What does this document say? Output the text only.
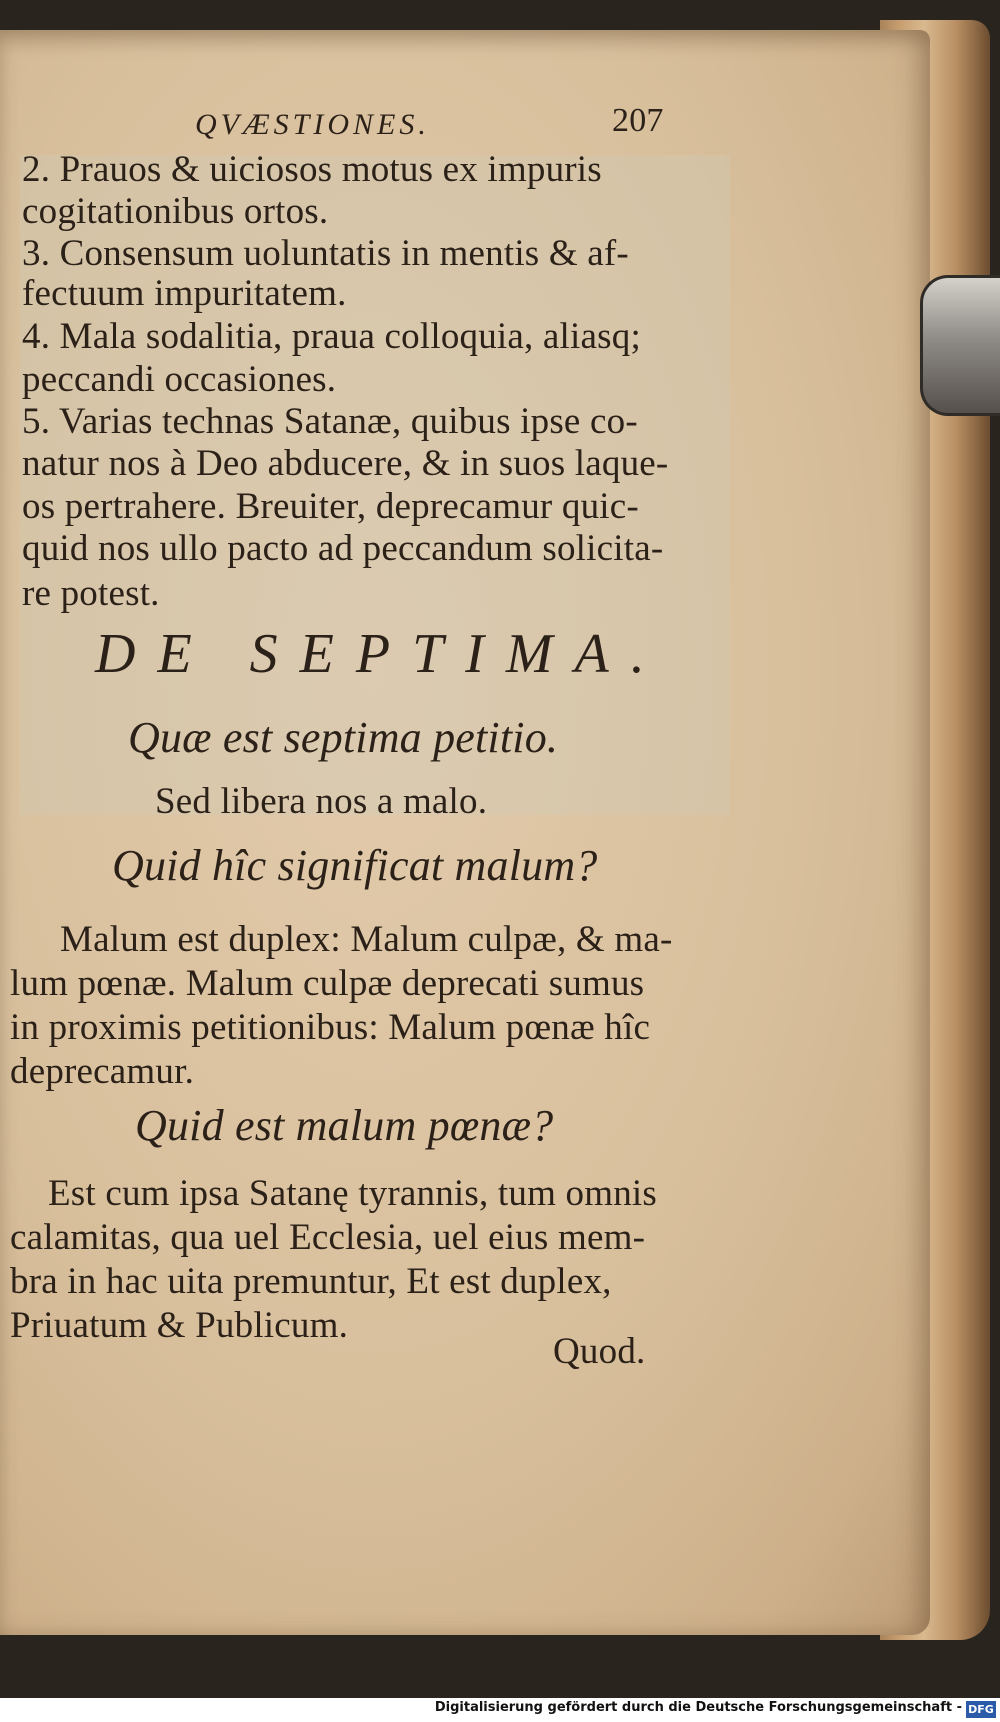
QVÆSTIONES.	207
2. Prauos & uiciosos motus ex impuris
cogitationibus ortos.
3. Consensum uoluntatis in mentis & af-
fectuum impuritatem.
4. Mala sodalitia, praua colloquia, aliasq;
peccandi occasiones.
5. Varias technas Satanæ, quibus ipse co-
natur nos à Deo abducere, & in suos laque-
os pertrahere. Breuiter, deprecamur quic-
quid nos ullo pacto ad peccandum solicita-
re potest.
DE SEPTIMA.
Quæ est septima petitio.
Sed libera nos a malo.
Quid hîc significat malum?
Malum est duplex: Malum culpæ, & ma-
lum pœnæ. Malum culpæ deprecati sumus
in proximis petitionibus: Malum pœnæ hîc
deprecamur.
Quid est malum pœnæ?
Est cum ipsa Satanę tyrannis, tum omnis
calamitas, qua uel Ecclesia, uel eius mem-
bra in hac uita premuntur, Et est duplex,
Priuatum & Publicum.
Quod.
Digitalisierung gefördert durch die Deutsche Forschungsgemeinschaft - DFG
